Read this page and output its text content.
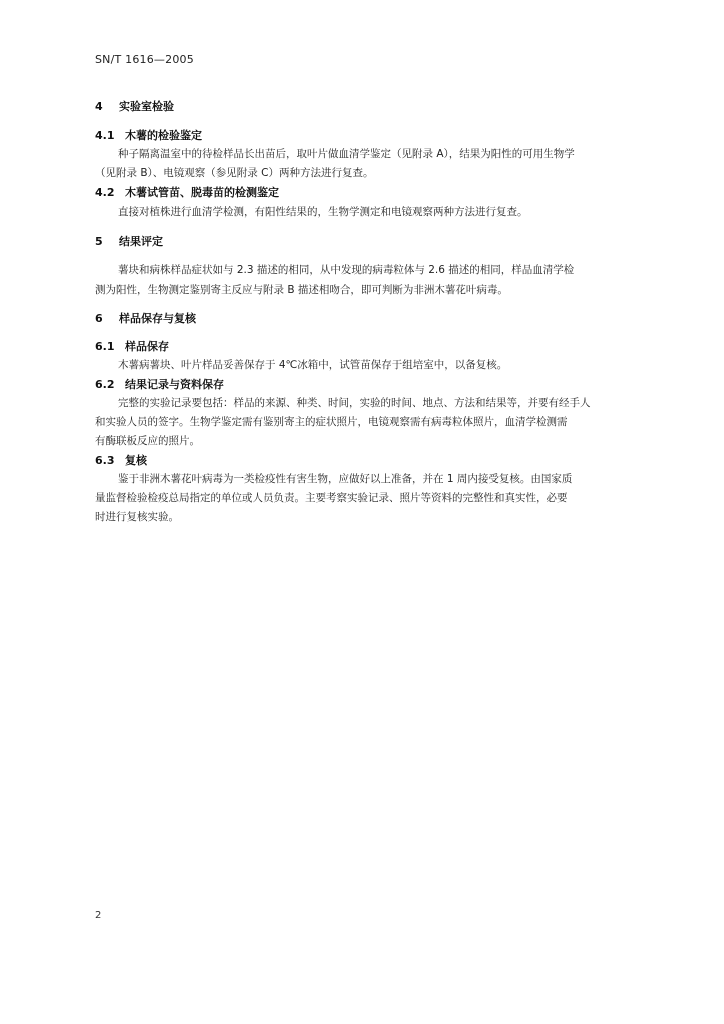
SN/T 1616—2005
4 实验室检验
4.1 木薯的检验鉴定
种子隔离温室中的待检样品长出苗后，取叶片做血清学鉴定（见附录 A），结果为阳性的可用生物学
（见附录 B）、电镜观察（参见附录 C）两种方法进行复查。
4.2 木薯试管苗、脱毒苗的检测鉴定
直接对植株进行血清学检测，有阳性结果的，生物学测定和电镜观察两种方法进行复查。
5 结果评定
薯块和病株样品症状如与 2.3 描述的相同，从中发现的病毒粒体与 2.6 描述的相同，样品血清学检
测为阳性，生物测定鉴别寄主反应与附录 B 描述相吻合，即可判断为非洲木薯花叶病毒。
6 样品保存与复核
6.1 样品保存
木薯病薯块、叶片样品妥善保存于 4℃冰箱中，试管苗保存于组培室中，以备复核。
6.2 结果记录与资料保存
完整的实验记录要包括：样品的来源、种类、时间，实验的时间、地点、方法和结果等，并要有经手人
和实验人员的签字。生物学鉴定需有鉴别寄主的症状照片，电镜观察需有病毒粒体照片，血清学检测需
有酶联板反应的照片。
6.3 复核
鉴于非洲木薯花叶病毒为一类检疫性有害生物，应做好以上准备，并在 1 周内接受复核。由国家质
量监督检验检疫总局指定的单位或人员负责。主要考察实验记录、照片等资料的完整性和真实性，必要
时进行复核实验。
2
